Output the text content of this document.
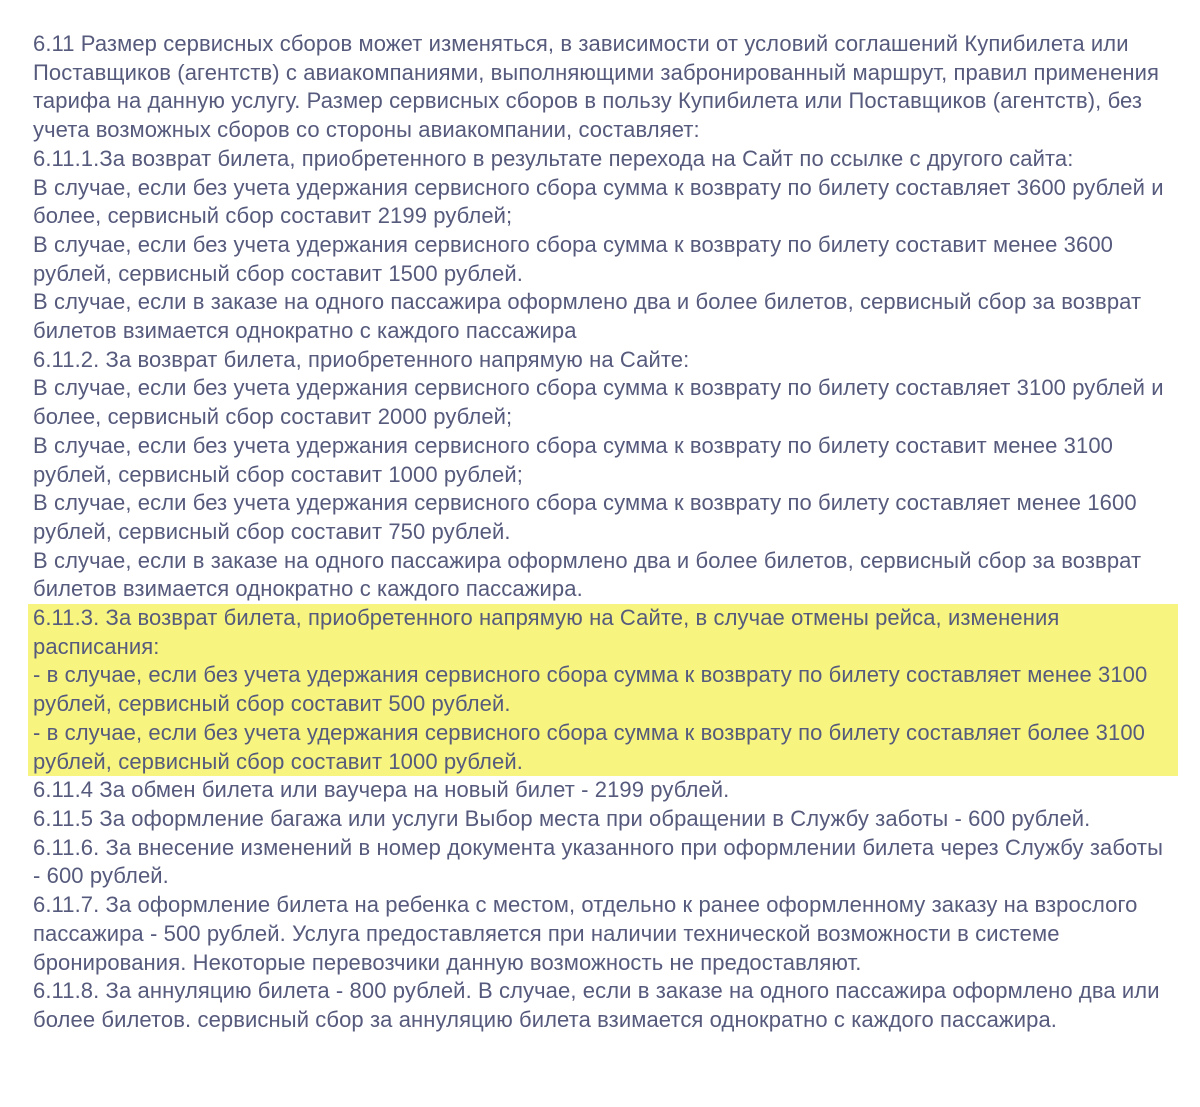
6.11 Размер сервисных сборов может изменяться, в зависимости от условий соглашений Купибилета или Поставщиков (агентств) с авиакомпаниями, выполняющими забронированный маршрут, правил применения тарифа на данную услугу. Размер сервисных сборов в пользу Купибилета или Поставщиков (агентств), без учета возможных сборов со стороны авиакомпании, составляет:

6.11.1.За возврат билета, приобретенного в результате перехода на Сайт по ссылке с другого сайта:

В случае, если без учета удержания сервисного сбора сумма к возврату по билету составляет 3600 рублей и более, сервисный сбор составит 2199 рублей;

В случае, если без учета удержания сервисного сбора сумма к возврату по билету составит менее 3600 рублей, сервисный сбор составит 1500 рублей.

В случае, если в заказе на одного пассажира оформлено два и более билетов, сервисный сбор за возврат билетов взимается однократно с каждого пассажира

6.11.2. За возврат билета, приобретенного напрямую на Сайте:

В случае, если без учета удержания сервисного сбора сумма к возврату по билету составляет 3100 рублей и более, сервисный сбор составит 2000 рублей;

В случае, если без учета удержания сервисного сбора сумма к возврату по билету составит менее 3100 рублей, сервисный сбор составит 1000 рублей;

В случае, если без учета удержания сервисного сбора сумма к возврату по билету составляет менее 1600  рублей, сервисный сбор составит 750 рублей.

В случае, если в заказе на одного пассажира оформлено два и более билетов, сервисный сбор за возврат билетов взимается однократно с каждого пассажира.

6.11.3. За возврат билета, приобретенного напрямую на Сайте, в случае отмены рейса, изменения расписания:

- в случае, если без учета удержания сервисного сбора сумма к возврату по билету составляет менее 3100 рублей, сервисный сбор составит 500 рублей.

- в случае, если без учета удержания сервисного сбора сумма к возврату по билету составляет более 3100 рублей, сервисный сбор составит 1000 рублей.

6.11.4 За обмен билета или ваучера на новый билет - 2199 рублей.

6.11.5 За оформление багажа или услуги Выбор места при обращении в Службу заботы - 600 рублей.

6.11.6. За внесение изменений в номер документа указанного при оформлении билета через Службу заботы - 600 рублей.

6.11.7. За оформление билета на ребенка с местом, отдельно к ранее оформленному заказу на взрослого пассажира - 500 рублей. Услуга предоставляется при наличии технической возможности в системе бронирования. Некоторые перевозчики данную возможность не предоставляют.

6.11.8. За аннуляцию билета - 800 рублей. В случае, если в заказе на одного пассажира оформлено два или более билетов. сервисный сбор за аннуляцию билета взимается однократно с каждого пассажира.
